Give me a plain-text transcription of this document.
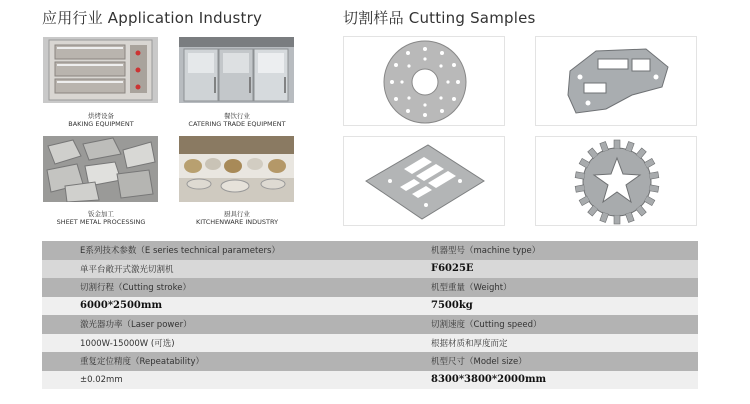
应用行业 Application Industry	切割样品 Cutting Samples
烘烤设备
BAKING EQUIPMENT
餐饮行业
CATERING TRADE EQUIPMENT
钣金加工
SHEET METAL PROCESSING
厨具行业
KITCHENWARE INDUSTRY
E系列技术参数（E series technical parameters）	机器型号（machine type）
单平台敞开式激光切割机	F6025E
切割行程（Cutting stroke）	机型重量（Weight）
6000*2500mm	7500kg
激光器功率（Laser power）	切割速度（Cutting speed）
1000W-15000W (可选)	根据材质和厚度而定
重复定位精度（Repeatability）	机型尺寸（Model size）
±0.02mm	8300*3800*2000mm
